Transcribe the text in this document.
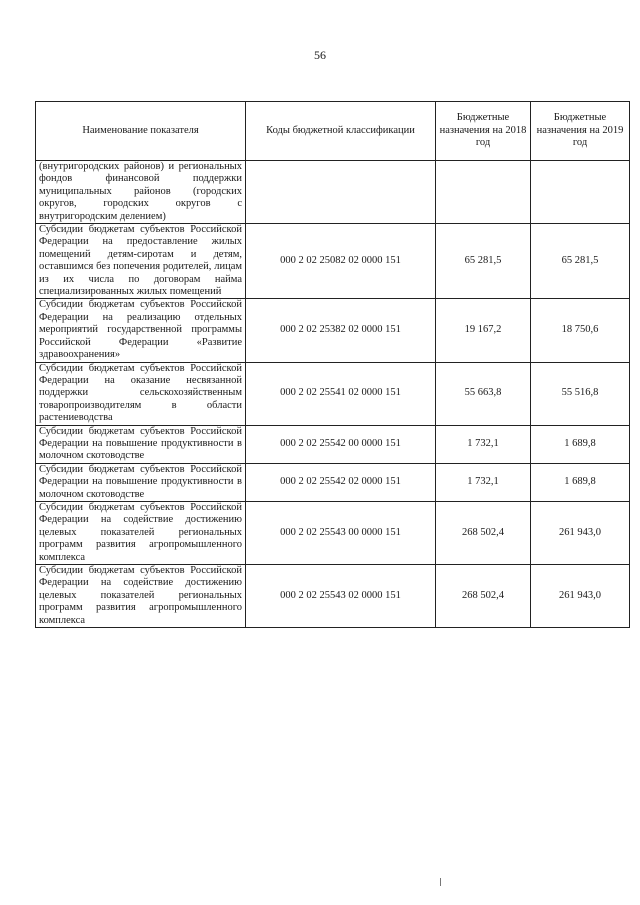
56
Наименование показателя	Коды бюджетной классификации	Бюджетные назначения на 2018 год	Бюджетные назначения на 2019 год
(внутригородских районов) и региональных фондов финансовой поддержки муниципальных районов (городских округов, городских округов с внутригородским делением)			
Субсидии бюджетам субъектов Российской Федерации на предоставление жилых помещений детям-сиротам и детям, оставшимся без попечения родителей, лицам из их числа по договорам найма специализированных жилых помещений	000 2 02 25082 02 0000 151	65 281,5	65 281,5
Субсидии бюджетам субъектов Российской Федерации на реализацию отдельных мероприятий государственной программы Российской Федерации «Развитие здравоохранения»	000 2 02 25382 02 0000 151	19 167,2	18 750,6
Субсидии бюджетам субъектов Российской Федерации на оказание несвязанной поддержки сельскохозяйственным товаропроизводителям в области растениеводства	000 2 02 25541 02 0000 151	55 663,8	55 516,8
Субсидии бюджетам субъектов Российской Федерации на повышение продуктивности в молочном скотоводстве	000 2 02 25542 00 0000 151	1 732,1	1 689,8
Субсидии бюджетам субъектов Российской Федерации на повышение продуктивности в молочном скотоводстве	000 2 02 25542 02 0000 151	1 732,1	1 689,8
Субсидии бюджетам субъектов Российской Федерации на содействие достижению целевых показателей региональных программ развития агропромышленного комплекса	000 2 02 25543 00 0000 151	268 502,4	261 943,0
Субсидии бюджетам субъектов Российской Федерации на содействие достижению целевых показателей региональных программ развития агропромышленного комплекса	000 2 02 25543 02 0000 151	268 502,4	261 943,0
